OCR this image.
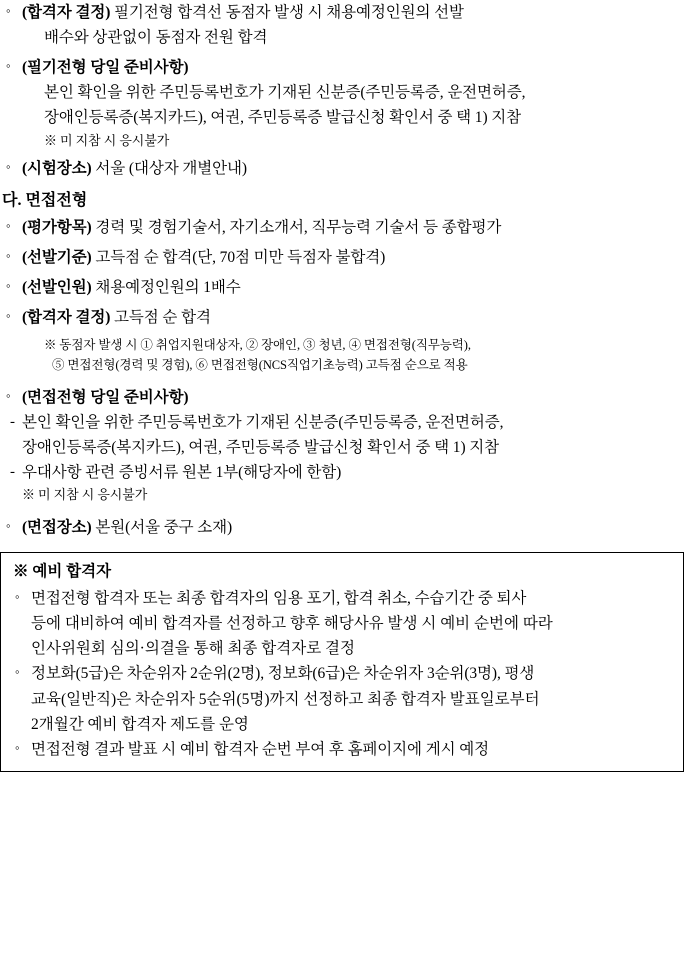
◦ (합격자 결정) 필기전형 합격선 동점자 발생 시 채용예정인원의 선발
배수와 상관없이 동점자 전원 합격
◦ (필기전형 당일 준비사항)
본인 확인을 위한 주민등록번호가 기재된 신분증(주민등록증, 운전면허증,
장애인등록증(복지카드), 여권, 주민등록증 발급신청 확인서 중 택 1) 지참
※ 미 지참 시 응시불가
◦ (시험장소) 서울 (대상자 개별안내)
다. 면접전형
◦ (평가항목) 경력 및 경험기술서, 자기소개서, 직무능력 기술서 등 종합평가
◦ (선발기준) 고득점 순 합격(단, 70점 미만 득점자 불합격)
◦ (선발인원) 채용예정인원의 1배수
◦ (합격자 결정) 고득점 순 합격
※ 동점자 발생 시 ① 취업지원대상자, ② 장애인, ③ 청년, ④ 면접전형(직무능력),
⑤ 면접전형(경력 및 경험), ⑥ 면접전형(NCS직업기초능력) 고득점 순으로 적용
◦ (면접전형 당일 준비사항)
- 본인 확인을 위한 주민등록번호가 기재된 신분증(주민등록증, 운전면허증,
장애인등록증(복지카드), 여권, 주민등록증 발급신청 확인서 중 택 1) 지참
- 우대사항 관련 증빙서류 원본 1부(해당자에 한함)
※ 미 지참 시 응시불가
◦ (면접장소) 본원(서울 중구 소재)
※ 예비 합격자
◦ 면접전형 합격자 또는 최종 합격자의 임용 포기, 합격 취소, 수습기간 중 퇴사
등에 대비하여 예비 합격자를 선정하고 향후 해당사유 발생 시 예비 순번에 따라
인사위원회 심의·의결을 통해 최종 합격자로 결정
◦ 정보화(5급)은 차순위자 2순위(2명), 정보화(6급)은 차순위자 3순위(3명), 평생
교육(일반직)은 차순위자 5순위(5명)까지 선정하고 최종 합격자 발표일로부터
2개월간 예비 합격자 제도를 운영
◦ 면접전형 결과 발표 시 예비 합격자 순번 부여 후 홈페이지에 게시 예정
